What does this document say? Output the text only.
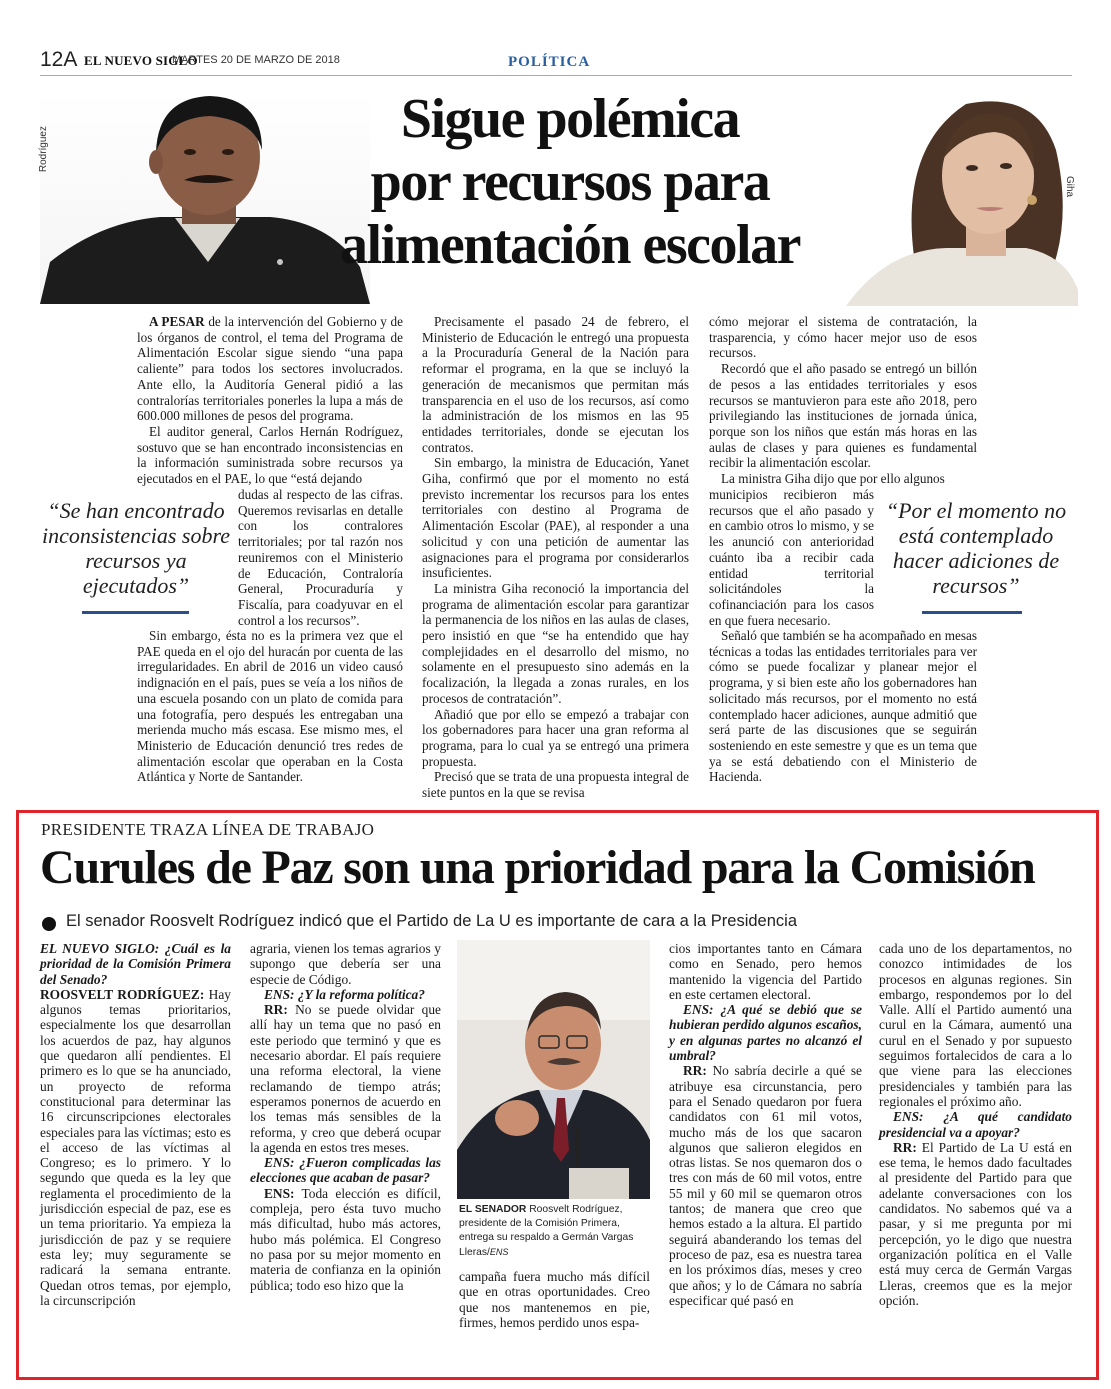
12A EL NUEVO SIGLO
MARTES 20 DE MARZO DE 2018	POLÍTICA
Rodríguez
Giha
Sigue polémica
por recursos para
alimentación escolar

A PESAR de la intervención del Gobierno y de los órganos de control, el tema del Programa de Alimentación Escolar sigue siendo “una papa caliente” para todos los sectores involucrados. Ante ello, la Auditoría General pidió a las contralorías territoriales ponerles la lupa a más de 600.000 millones de pesos del programa.

El auditor general, Carlos Hernán Rodríguez, sostuvo que se han encontrado inconsistencias en la información suministrada sobre recursos ya ejecutados en el PAE, lo que “está dejando

dudas al respecto de las cifras. Queremos revisarlas en detalle con los contralores territoriales; por tal razón nos reuniremos con el Ministerio de Educación, Contraloría General, Procuraduría y Fiscalía, para coadyuvar en el control a los recursos”.

Sin embargo, ésta no es la primera vez que el PAE queda en el ojo del huracán por cuenta de las irregularidades. En abril de 2016 un video causó indignación en el país, pues se veía a los niños de una escuela posando con un plato de comida para una fotografía, pero después les entregaban una merienda mucho más escasa. Ese mismo mes, el Ministerio de Educación denunció tres redes de alimentación escolar que operaban en la Costa Atlántica y Norte de Santander.

“Se han encontrado inconsistencias sobre recursos ya ejecutados”

Precisamente el pasado 24 de febrero, el Ministerio de Educación le entregó una propuesta a la Procuraduría General de la Nación para reformar el programa, en la que se incluyó la generación de mecanismos que permitan más transparencia en el uso de los recursos, así como la administración de los mismos en las 95 entidades territoriales, donde se ejecutan los contratos.

Sin embargo, la ministra de Educación, Yanet Giha, confirmó que por el momento no está previsto incrementar los recursos para los entes territoriales con destino al Programa de Alimentación Escolar (PAE), al responder a una solicitud y con una petición de aumentar las asignaciones para el programa por considerarlos insuficientes.

La ministra Giha reconoció la importancia del programa de alimentación escolar para garantizar la permanencia de los niños en las aulas de clases, pero insistió en que “se ha entendido que hay complejidades en el desarrollo del mismo, no solamente en el presupuesto sino además en la focalización, la llegada a zonas rurales, en los procesos de contratación”.

Añadió que por ello se empezó a trabajar con los gobernadores para hacer una gran reforma al programa, para lo cual ya se entregó una primera propuesta.

Precisó que se trata de una propuesta integral de siete puntos en la que se revisa

cómo mejorar el sistema de contratación, la trasparencia, y cómo hacer mejor uso de esos recursos.

Recordó que el año pasado se entregó un billón de pesos a las entidades territoriales y esos recursos se mantuvieron para este año 2018, pero privilegiando las instituciones de jornada única, porque son los niños que están más horas en las aulas de clases y para quienes es fundamental recibir la alimentación escolar.

La ministra Giha dijo que por ello algunos

municipios recibieron más recursos que el año pasado y en cambio otros lo mismo, y se les anunció con anterioridad cuánto iba a recibir cada entidad territorial solicitándoles la cofinanciación para los casos en que fuera necesario.

Señaló que también se ha acompañado en mesas técnicas a todas las entidades territoriales para ver cómo se puede focalizar y planear mejor el programa, y si bien este año los gobernadores han solicitado más recursos, por el momento no está contemplado hacer adiciones, aunque admitió que será parte de las discusiones que se seguirán sosteniendo en este semestre y que es un tema que ya se está debatiendo con el Ministerio de Hacienda.

“Por el momento no está contemplado hacer adiciones de recursos”
PRESIDENTE TRAZA LÍNEA DE TRABAJO
Curules de Paz son una prioridad para la Comisión
El senador Roosvelt Rodríguez indicó que el Partido de La U es importante de cara a la Presidencia
EL NUEVO SIGLO: ¿Cuál es la prioridad de la Comisión Primera del Senado?
ROOSVELT RODRÍGUEZ: Hay algunos temas prioritarios, especialmente los que desarrollan los acuerdos de paz, hay algunos que quedaron allí pendientes. El primero es lo que se ha anunciado, un proyecto de reforma constitucional para determinar las 16 circunscripciones electorales especiales para las víctimas; esto es el acceso de las víctimas al Congreso; es lo primero. Y lo segundo que queda es la ley que reglamenta el procedimiento de la jurisdicción especial de paz, ese es un tema prioritario. Ya empieza la jurisdicción de paz y se requiere esta ley; muy seguramente se radicará la semana entrante. Quedan otros temas, por ejemplo, la circunscripción
agraria, vienen los temas agrarios y supongo que debería ser una especie de Código.
ENS: ¿Y la reforma política?
RR: No se puede olvidar que allí hay un tema que no pasó en este periodo que terminó y que es necesario abordar. El país requiere una reforma electoral, la viene reclamando de tiempo atrás; esperamos ponernos de acuerdo en los temas más sensibles de la reforma, y creo que deberá ocupar la agenda en estos tres meses.
ENS: ¿Fueron complicadas las elecciones que acaban de pasar?
ENS: Toda elección es difícil, compleja, pero ésta tuvo mucho más dificultad, hubo más actores, hubo más polémica. El Congreso no pasa por su mejor momento en materia de confianza en la opinión pública; todo eso hizo que la
EL SENADOR Roosvelt Rodríguez, presidente de la Comisión Primera, entrega su respaldo a Germán Vargas Lleras/ENS
campaña fuera mucho más difícil que en otras oportunidades. Creo que nos mantenemos en pie, firmes, hemos perdido unos espa-
cios importantes tanto en Cámara como en Senado, pero hemos mantenido la vigencia del Partido en este certamen electoral.
ENS: ¿A qué se debió que se hubieran perdido algunos escaños, y en algunas partes no alcanzó el umbral?
RR: No sabría decirle a qué se atribuye esa circunstancia, pero para el Senado quedaron por fuera candidatos con 61 mil votos, mucho más de los que sacaron algunos que salieron elegidos en otras listas. Se nos quemaron dos o tres con más de 60 mil votos, entre 55 mil y 60 mil se quemaron otros tantos; de manera que creo que hemos estado a la altura. El partido seguirá abanderando los temas del proceso de paz, esa es nuestra tarea en los próximos días, meses y creo que años; y lo de Cámara no sabría especificar qué pasó en
cada uno de los departamentos, no conozco intimidades de los procesos en algunas regiones. Sin embargo, respondemos por lo del Valle. Allí el Partido aumentó una curul en la Cámara, aumentó una curul en el Senado y por supuesto seguimos fortalecidos de cara a lo que viene para las elecciones presidenciales y también para las regionales el próximo año.
ENS: ¿A qué candidato presidencial va a apoyar?
RR: El Partido de La U está en ese tema, le hemos dado facultades al presidente del Partido para que adelante conversaciones con los candidatos. No sabemos qué va a pasar, y si me pregunta por mi percepción, yo le digo que nuestra organización política en el Valle está muy cerca de Germán Vargas Lleras, creemos que es la mejor opción.
